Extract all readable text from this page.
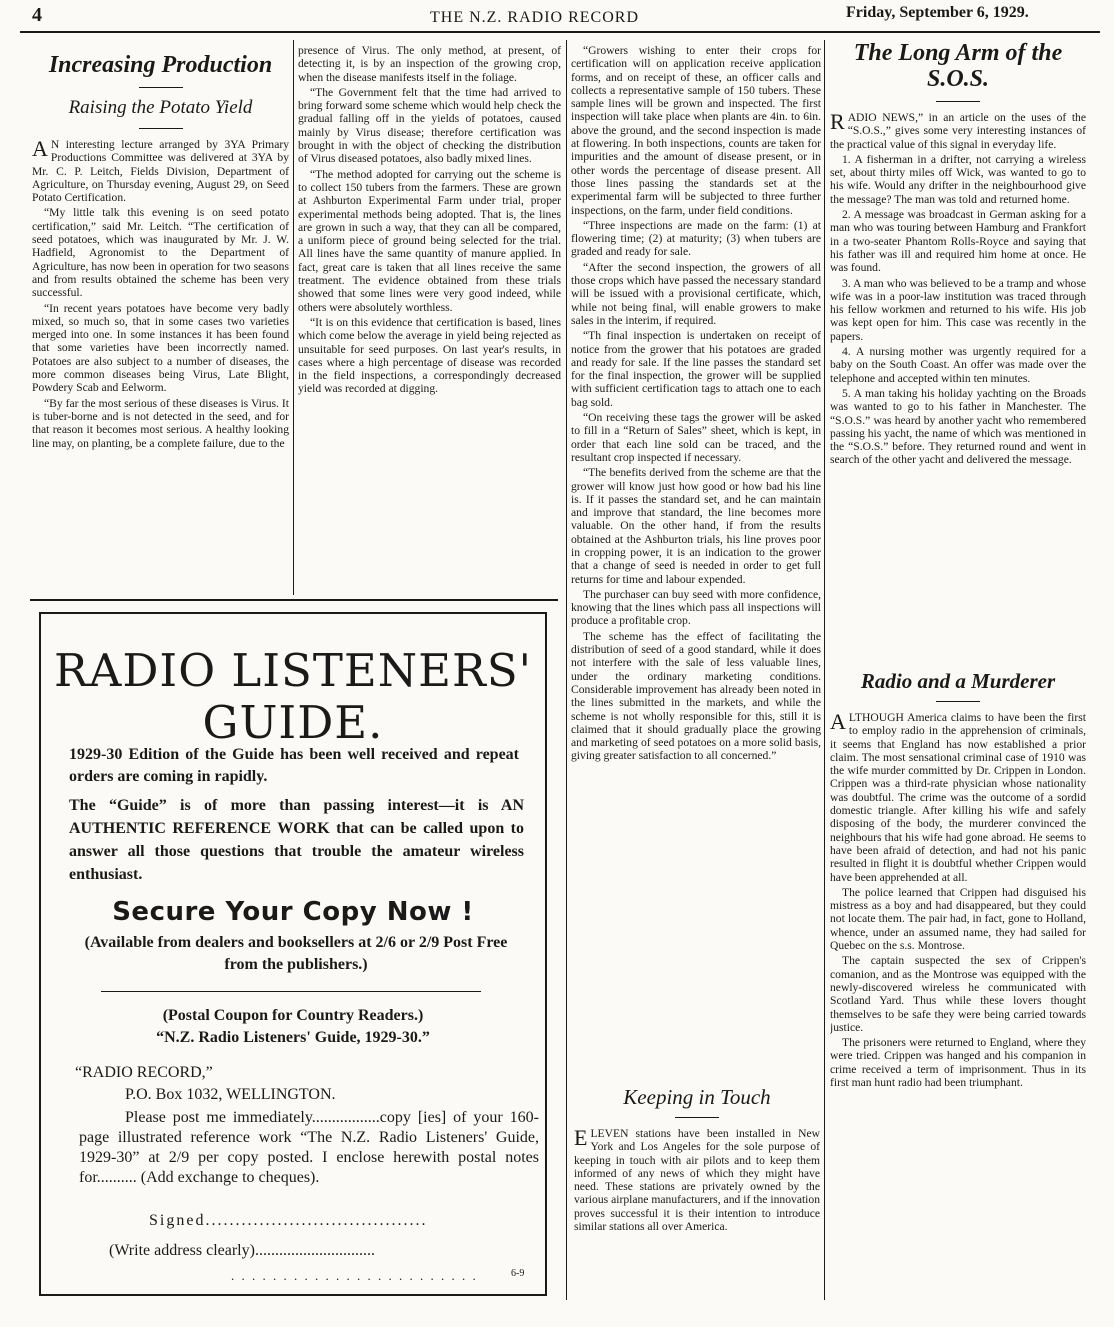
4	THE N.Z. RADIO RECORD	Friday, September 6, 1929.
Increasing Production
Raising the Potato Yield

A N interesting lecture arranged by 3YA Primary Productions Committee was delivered at 3YA by Mr. C. P. Leitch, Fields Division, Department of Agriculture, on Thursday evening, August 29, on Seed Potato Certification.

“My little talk this evening is on seed potato certification,” said Mr. Leitch. “The certification of seed potatoes, which was inaugurated by Mr. J. W. Hadfield, Agronomist to the Department of Agriculture, has now been in operation for two seasons and from results obtained the scheme has been very successful.

“In recent years potatoes have become very badly mixed, so much so, that in some cases two varieties merged into one. In some instances it has been found that some varieties have been incorrectly named. Potatoes are also subject to a number of diseases, the more common diseases being Virus, Late Blight, Powdery Scab and Eelworm.

“By far the most serious of these diseases is Virus. It is tuber-borne and is not detected in the seed, and for that reason it becomes most serious. A healthy looking line may, on planting, be a complete failure, due to the

presence of Virus. The only method, at present, of detecting it, is by an inspection of the growing crop, when the disease manifests itself in the foliage.

“The Government felt that the time had arrived to bring forward some scheme which would help check the gradual falling off in the yields of potatoes, caused mainly by Virus disease; therefore certification was brought in with the object of checking the distribution of Virus diseased potatoes, also badly mixed lines.

“The method adopted for carrying out the scheme is to collect 150 tubers from the farmers. These are grown at Ashburton Experimental Farm under trial, proper experimental methods being adopted. That is, the lines are grown in such a way, that they can all be compared, a uniform piece of ground being selected for the trial. All lines have the same quantity of manure applied. In fact, great care is taken that all lines receive the same treatment. The evidence obtained from these trials showed that some lines were very good indeed, while others were absolutely worthless.

“It is on this evidence that certification is based, lines which come below the average in yield being rejected as unsuitable for seed purposes. On last year's results, in cases where a high percentage of disease was recorded in the field inspections, a correspondingly decreased yield was recorded at digging.

“Growers wishing to enter their crops for certification will on application receive application forms, and on receipt of these, an officer calls and collects a representative sample of 150 tubers. These sample lines will be grown and inspected. The first inspection will take place when plants are 4in. to 6in. above the ground, and the second inspection is made at flowering. In both inspections, counts are taken for impurities and the amount of disease present, or in other words the percentage of disease present. All those lines passing the standards set at the experimental farm will be subjected to three further inspections, on the farm, under field conditions.

“Three inspections are made on the farm: (1) at flowering time; (2) at maturity; (3) when tubers are graded and ready for sale.

“After the second inspection, the growers of all those crops which have passed the necessary standard will be issued with a provisional certificate, which, while not being final, will enable growers to make sales in the interim, if required.

“Th final inspection is undertaken on receipt of notice from the grower that his potatoes are graded and ready for sale. If the line passes the standard set for the final inspection, the grower will be supplied with sufficient certification tags to attach one to each bag sold.

“On receiving these tags the grower will be asked to fill in a “Return of Sales” sheet, which is kept, in order that each line sold can be traced, and the resultant crop inspected if necessary.

“The benefits derived from the scheme are that the grower will know just how good or how bad his line is. If it passes the standard set, and he can maintain and improve that standard, the line becomes more valuable. On the other hand, if from the results obtained at the Ashburton trials, his line proves poor in cropping power, it is an indication to the grower that a change of seed is needed in order to get full returns for time and labour expended.

The purchaser can buy seed with more confidence, knowing that the lines which pass all inspections will produce a profitable crop.

The scheme has the effect of facilitating the distribution of seed of a good standard, while it does not interfere with the sale of less valuable lines, under the ordinary marketing conditions. Considerable improvement has already been noted in the lines submitted in the markets, and while the scheme is not wholly responsible for this, still it is claimed that it should gradually place the growing and marketing of seed potatoes on a more solid basis, giving greater satisfaction to all concerned.”

Keeping in Touch

ELEVEN stations have been installed in New York and Los Angeles for the sole purpose of keeping in touch with air pilots and to keep them informed of any news of which they might have need. These stations are privately owned by the various airplane manufacturers, and if the innovation proves successful it is their intention to introduce similar stations all over America.

The Long Arm of the S.O.S.

RADIO NEWS,” in an article on the uses of the “S.O.S.,” gives some very interesting instances of the practical value of this signal in everyday life.

1. A fisherman in a drifter, not carrying a wireless set, about thirty miles off Wick, was wanted to go to his wife. Would any drifter in the neighbourhood give the message? The man was told and returned home.

2. A message was broadcast in German asking for a man who was touring between Hamburg and Frankfort in a two-seater Phantom Rolls-Royce and saying that his father was ill and required him home at once. He was found.

3. A man who was believed to be a tramp and whose wife was in a poor-law institution was traced through his fellow workmen and returned to his wife. His job was kept open for him. This case was recently in the papers.

4. A nursing mother was urgently required for a baby on the South Coast. An offer was made over the telephone and accepted within ten minutes.

5. A man taking his holiday yachting on the Broads was wanted to go to his father in Manchester. The “S.O.S.” was heard by another yacht who remembered passing his yacht, the name of which was mentioned in the “S.O.S.” before. They returned round and went in search of the other yacht and delivered the message.

Radio and a Murderer

ALTHOUGH America claims to have been the first to employ radio in the apprehension of criminals, it seems that England has now established a prior claim. The most sensational criminal case of 1910 was the wife murder committed by Dr. Crippen in London. Crippen was a third-rate physician whose nationality was doubtful. The crime was the outcome of a sordid domestic triangle. After killing his wife and safely disposing of the body, the murderer convinced the neighbours that his wife had gone abroad. He seems to have been afraid of detection, and had not his panic resulted in flight it is doubtful whether Crippen would have been apprehended at all.

The police learned that Crippen had disguised his mistress as a boy and had disappeared, but they could not locate them. The pair had, in fact, gone to Holland, whence, under an assumed name, they had sailed for Quebec on the s.s. Montrose.

The captain suspected the sex of Crippen's comanion, and as the Montrose was equipped with the newly-discovered wireless he communicated with Scotland Yard. Thus while these lovers thought themselves to be safe they were being carried towards justice.

The prisoners were returned to England, where they were tried. Crippen was hanged and his companion in crime received a term of imprisonment. Thus in its first man hunt radio had been triumphant.

RADIO LISTENERS'
GUIDE.
1929-30 Edition of the Guide has been well received and repeat orders are coming in rapidly.
The “Guide” is of more than passing interest—it is AN AUTHENTIC REFERENCE WORK that can be called upon to answer all those questions that trouble the amateur wireless enthusiast.
Secure Your Copy Now !
(Available from dealers and booksellers at 2/6 or 2/9 Post Free from the publishers.)
(Postal Coupon for Country Readers.)
“N.Z. Radio Listeners' Guide, 1929-30.”
“RADIO RECORD,”
P.O. Box 1032, WELLINGTON.
Please post me immediately.................copy [ies] of your 160-page illustrated reference work “The N.Z. Radio Listeners' Guide, 1929-30” at 2/9 per copy posted. I enclose herewith postal notes for.......... (Add exchange to cheques).
Signed.....................................
(Write address clearly)..............................
. . . . . . . . . . . . . . . . . . . . . . . .	6-9
